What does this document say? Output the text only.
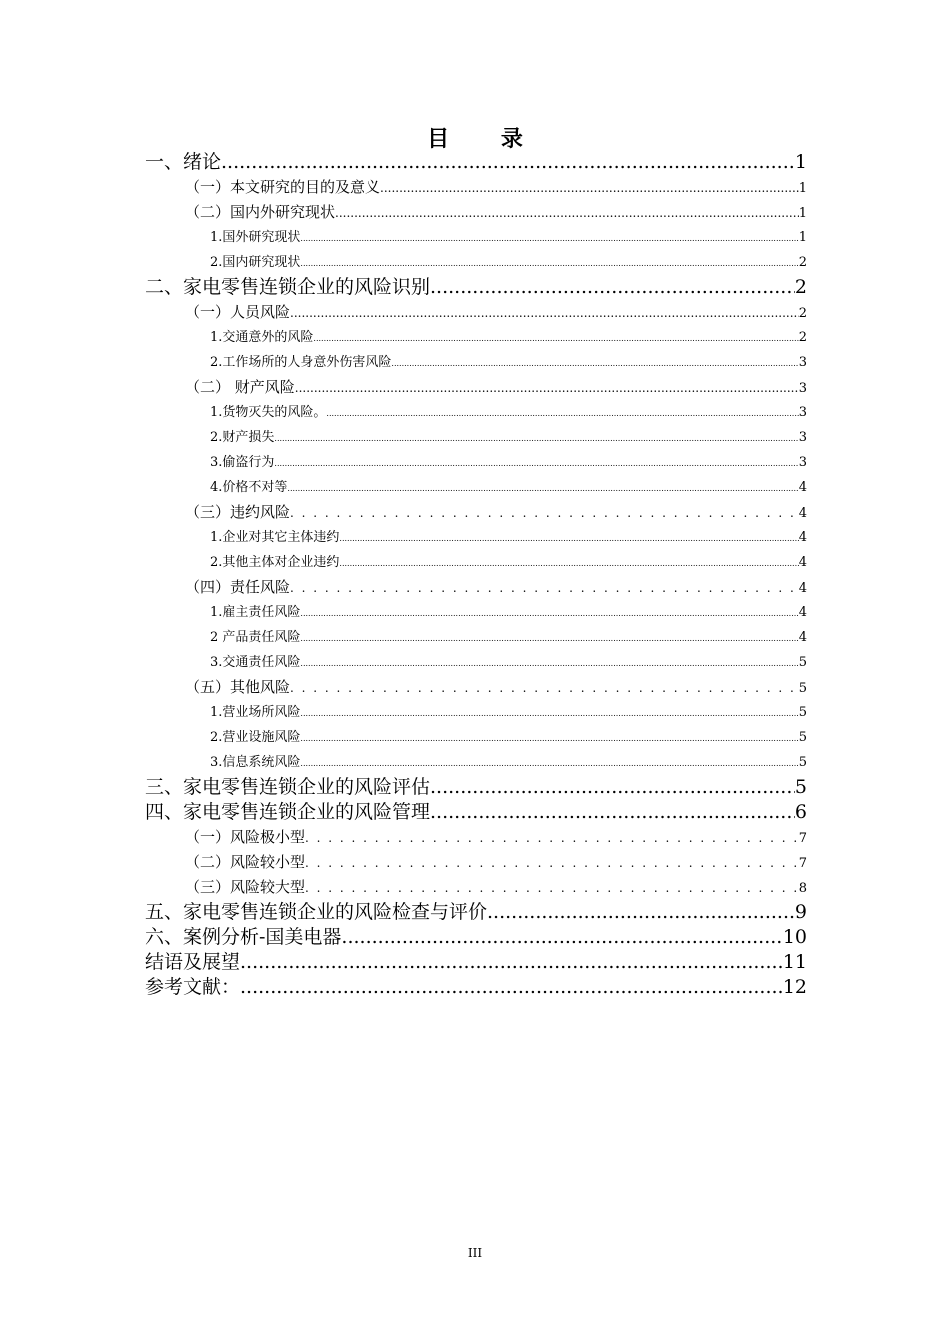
目 录
一、绪论 .....	1
（一）本文研究的目的及意义 .....	1
（二）国内外研究现状 .....	1
1.国外研究现状 .....	1
2.国内研究现状 .....	2
二、家电零售连锁企业的风险识别 .....	2
（一）人员风险 .....	2
1.交通意外的风险 .....	2
2.工作场所的人身意外伤害风险 .....	3
（二） 财产风险 .....	3
1.货物灭失的风险。 .....	3
2.财产损失 .....	3
3.偷盗行为 .....	3
4.价格不对等 .....	4
（三）违约风险 . . .	4
1.企业对其它主体违约 .....	4
2.其他主体对企业违约 .....	4
（四）责任风险 . . .	4
1.雇主责任风险 .....	4
2 产品责任风险 .....	4
3.交通责任风险 .....	5
（五）其他风险 . . .	5
1.营业场所风险 .....	5
2.营业设施风险 .....	5
3.信息系统风险 .....	5
三、家电零售连锁企业的风险评估 .....	5
四、家电零售连锁企业的风险管理 .....	6
（一）风险极小型 . . .	7
（二）风险较小型 . . .	7
（三）风险较大型 . . .	8
五、家电零售连锁企业的风险检查与评价 .....	9
六、案例分析-国美电器 .....	10
结语及展望 .....	11
参考文献： .....	12
III
